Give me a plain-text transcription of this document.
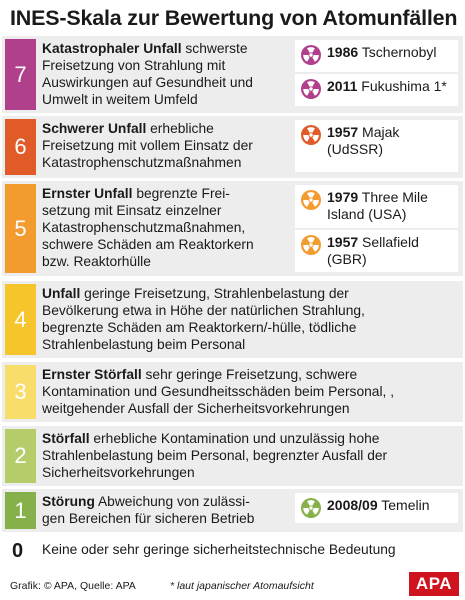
INES-Skala zur Bewertung von Atomunfällen
7
Katastrophaler Unfall schwerste
Freisetzung von Strahlung mit
Auswirkungen auf Gesundheit und
Umwelt in weitem Umfeld
1986 Tschernobyl
2011 Fukushima 1*
6
Schwerer Unfall erhebliche
Freisetzung mit vollem Einsatz der
Katastrophenschutzmaßnahmen
1957 Majak
(UdSSR)
5
Ernster Unfall begrenzte Frei-
setzung mit Einsatz einzelner
Katastrophenschutzmaßnahmen,
schwere Schäden am Reaktorkern
bzw. Reaktorhülle
1979 Three Mile
Island (USA)
1957 Sellafield
(GBR)
4
Unfall geringe Freisetzung, Strahlenbelastung der
Bevölkerung etwa in Höhe der natürlichen Strahlung,
begrenzte Schäden am Reaktorkern/-hülle, tödliche
Strahlenbelastung beim Personal
3
Ernster Störfall sehr geringe Freisetzung, schwere
Kontamination und Gesundheitsschäden beim Personal, ,
weitgehender Ausfall der Sicherheitsvorkehrungen
2
Störfall erhebliche Kontamination und unzulässig hohe
Strahlenbelastung beim Personal, begrenzter Ausfall der
Sicherheitsvorkehrungen
1	Störung Abweichung von zulässi-
gen Bereichen für sicheren Betrieb
2008/09 Temelin
0 Keine oder sehr geringe sicherheitstechnische Bedeutung
Grafik: © APA, Quelle: APA	* laut japanischer Atomaufsicht	APA
